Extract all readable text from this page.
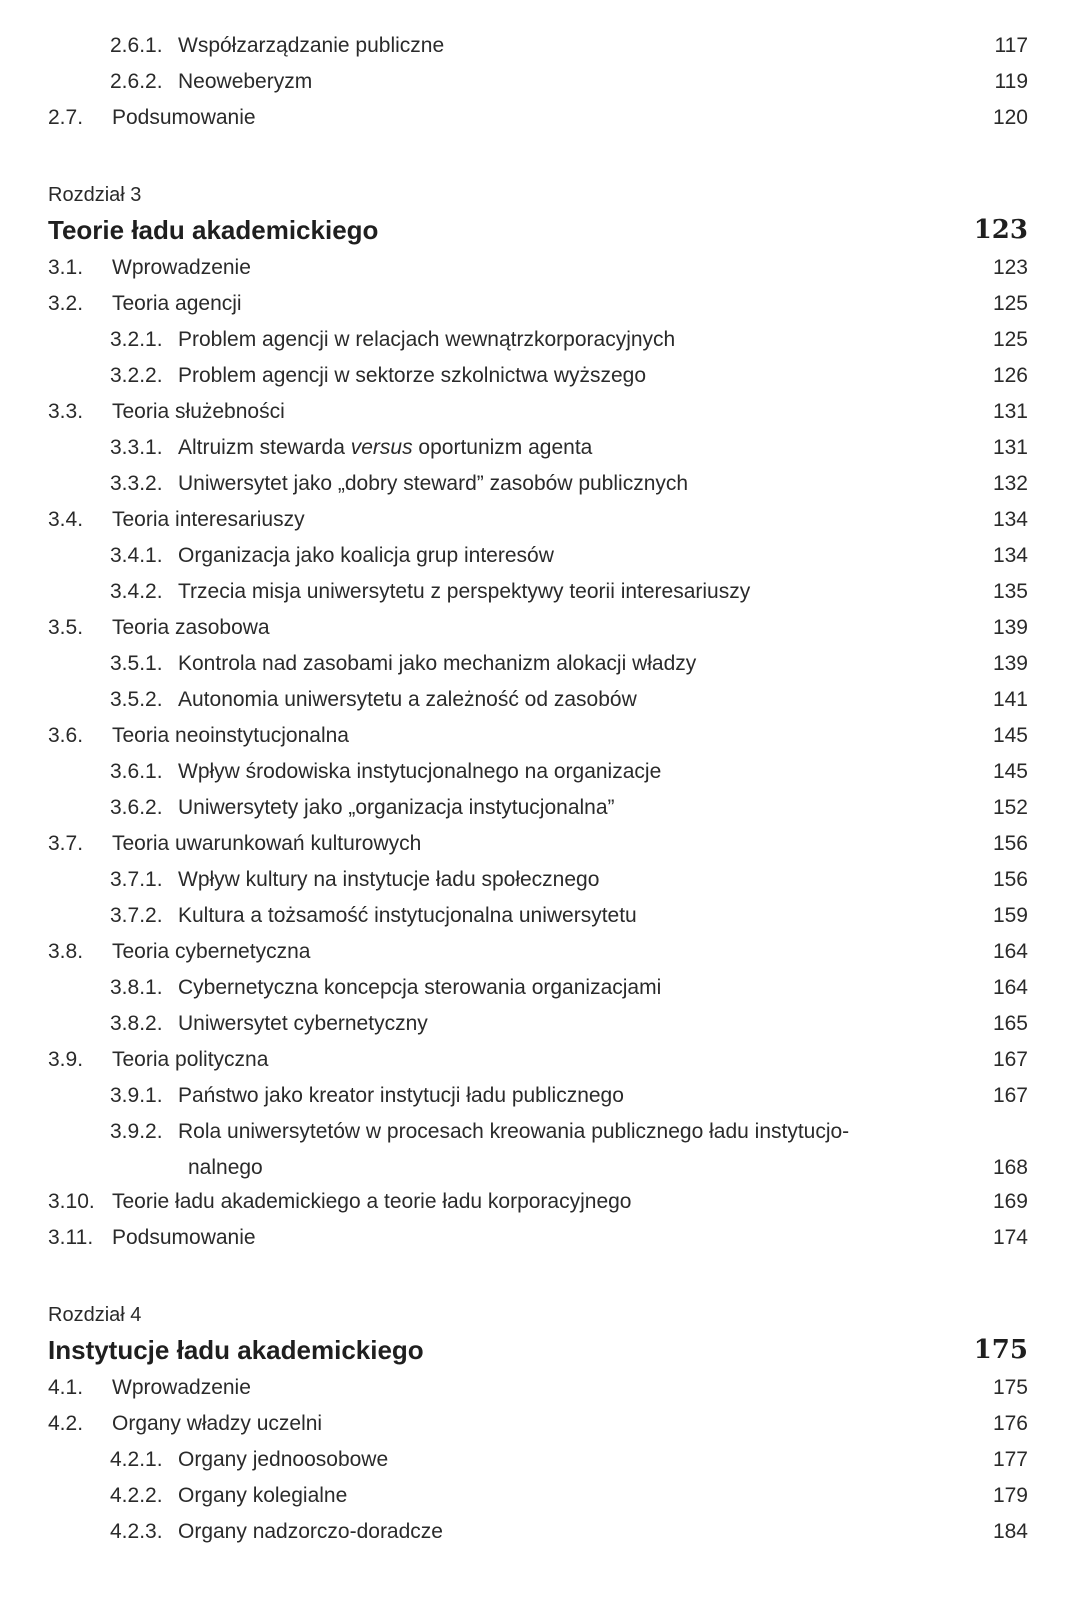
2.6.1. Współzarządzanie publiczne	117
2.6.2. Neoweberyzm	119
2.7. Podsumowanie	120
Rozdział 3
Teorie ładu akademickiego	123
3.1. Wprowadzenie	123
3.2. Teoria agencji	125
3.2.1. Problem agencji w relacjach wewnątrzkorporacyjnych	125
3.2.2. Problem agencji w sektorze szkolnictwa wyższego	126
3.3. Teoria służebności	131
3.3.1. Altruizm stewarda versus oportunizm agenta	131
3.3.2. Uniwersytet jako „dobry steward” zasobów publicznych	132
3.4. Teoria interesariuszy	134
3.4.1. Organizacja jako koalicja grup interesów	134
3.4.2. Trzecia misja uniwersytetu z perspektywy teorii interesariuszy	135
3.5. Teoria zasobowa	139
3.5.1. Kontrola nad zasobami jako mechanizm alokacji władzy	139
3.5.2. Autonomia uniwersytetu a zależność od zasobów	141
3.6. Teoria neoinstytucjonalna	145
3.6.1. Wpływ środowiska instytucjonalnego na organizacje	145
3.6.2. Uniwersytety jako „organizacja instytucjonalna”	152
3.7. Teoria uwarunkowań kulturowych	156
3.7.1. Wpływ kultury na instytucje ładu społecznego	156
3.7.2. Kultura a tożsamość instytucjonalna uniwersytetu	159
3.8. Teoria cybernetyczna	164
3.8.1. Cybernetyczna koncepcja sterowania organizacjami	164
3.8.2. Uniwersytet cybernetyczny	165
3.9. Teoria polityczna	167
3.9.1. Państwo jako kreator instytucji ładu publicznego	167
3.9.2. Rola uniwersytetów w procesach kreowania publicznego ładu instytucjo-
nalnego	168
3.10. Teorie ładu akademickiego a teorie ładu korporacyjnego	169
3.11. Podsumowanie	174
Rozdział 4
Instytucje ładu akademickiego	175
4.1. Wprowadzenie	175
4.2. Organy władzy uczelni	176
4.2.1. Organy jednoosobowe	177
4.2.2. Organy kolegialne	179
4.2.3. Organy nadzorczo-doradcze	184
